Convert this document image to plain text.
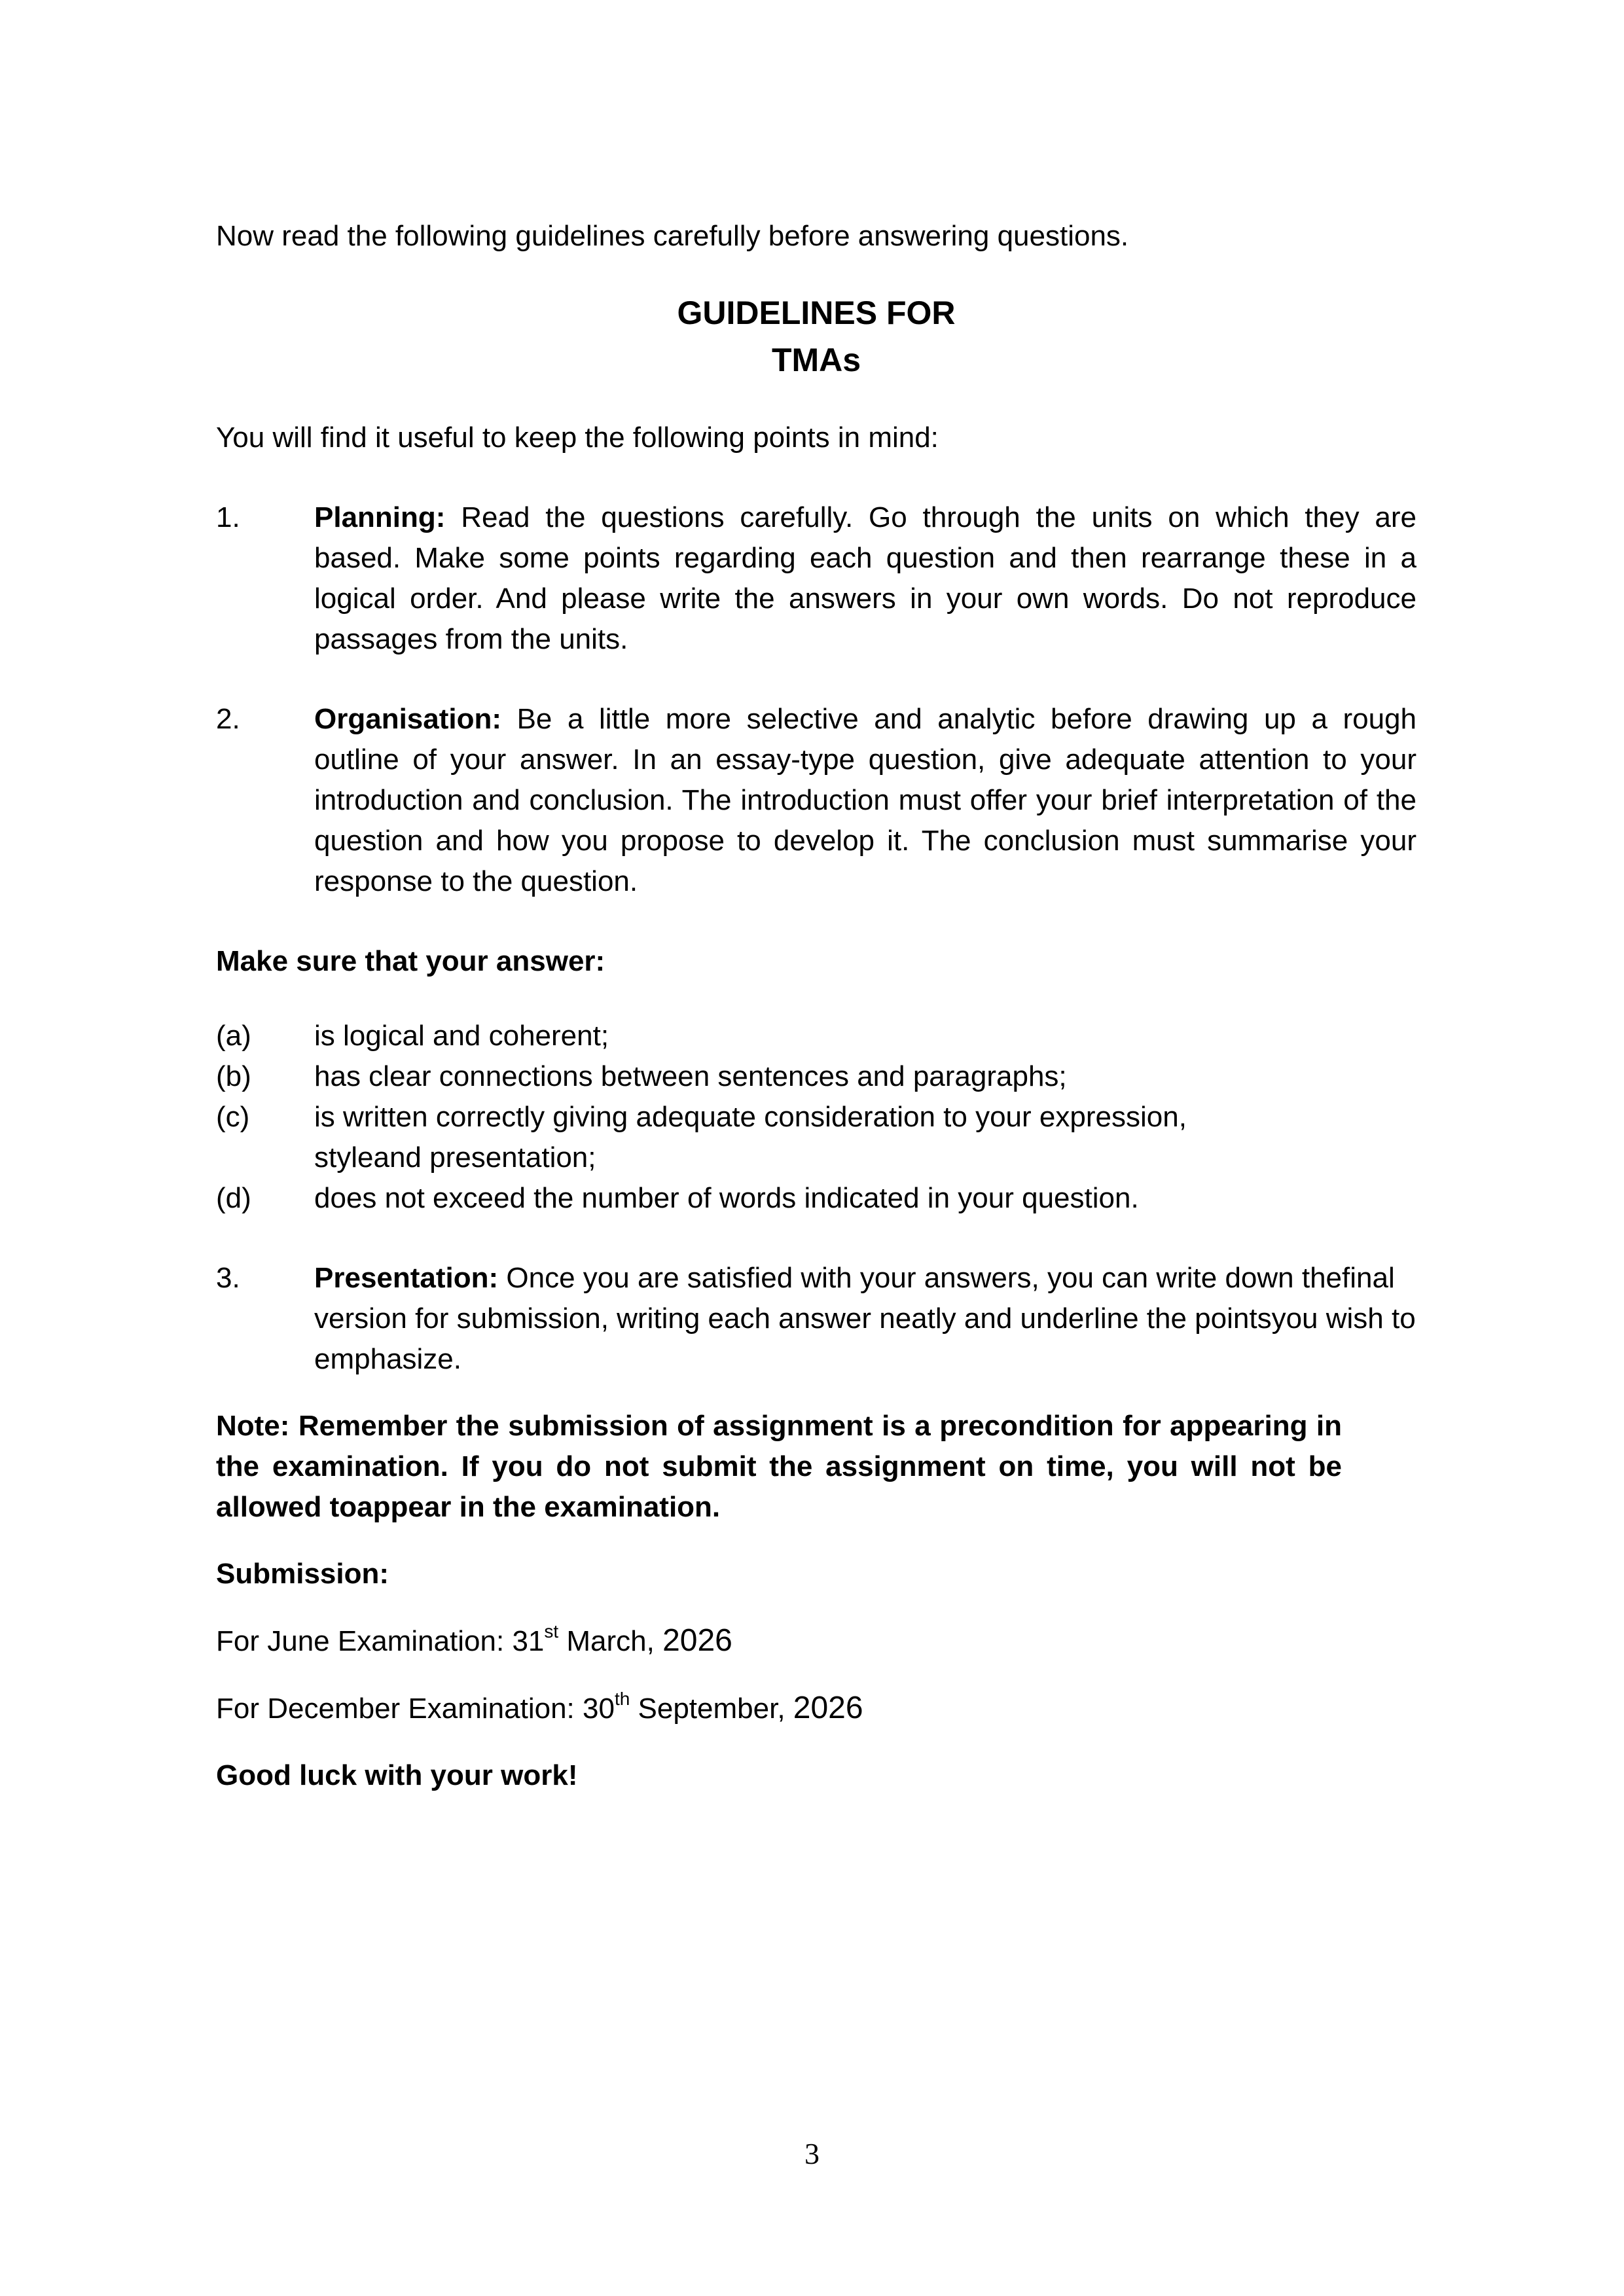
Now read the following guidelines carefully before answering questions.

GUIDELINES FOR
TMAs
You will find it useful to keep the following points in mind:
1.	Planning: Read the questions carefully. Go through the units on which they are based. Make some points regarding each question and then rearrange these in a logical order. And please write the answers in your own words. Do not reproduce passages from the units.
2.	Organisation: Be a little more selective and analytic before drawing up a rough outline of your answer. In an essay-type question, give adequate attention to your introduction and conclusion. The introduction must offer your brief interpretation of the question and how you propose to develop it. The conclusion must summarise your response to the question.
Make sure that your answer:
(a)	is logical and coherent;
(b)	has clear connections between sentences and paragraphs;
(c)	is written correctly giving adequate consideration to your expression, styleand presentation;
(d)	does not exceed the number of words indicated in your question.
3.	Presentation: Once you are satisfied with your answers, you can write down thefinal version for submission, writing each answer neatly and underline the pointsyou wish to emphasize.
Note: Remember the submission of assignment is a precondition for appearing in the examination. If you do not submit the assignment on time, you will not be allowed toappear in the examination.
Submission:
For June Examination: 31st March, 2026
For December Examination: 30th September, 2026
Good luck with your work!
3
